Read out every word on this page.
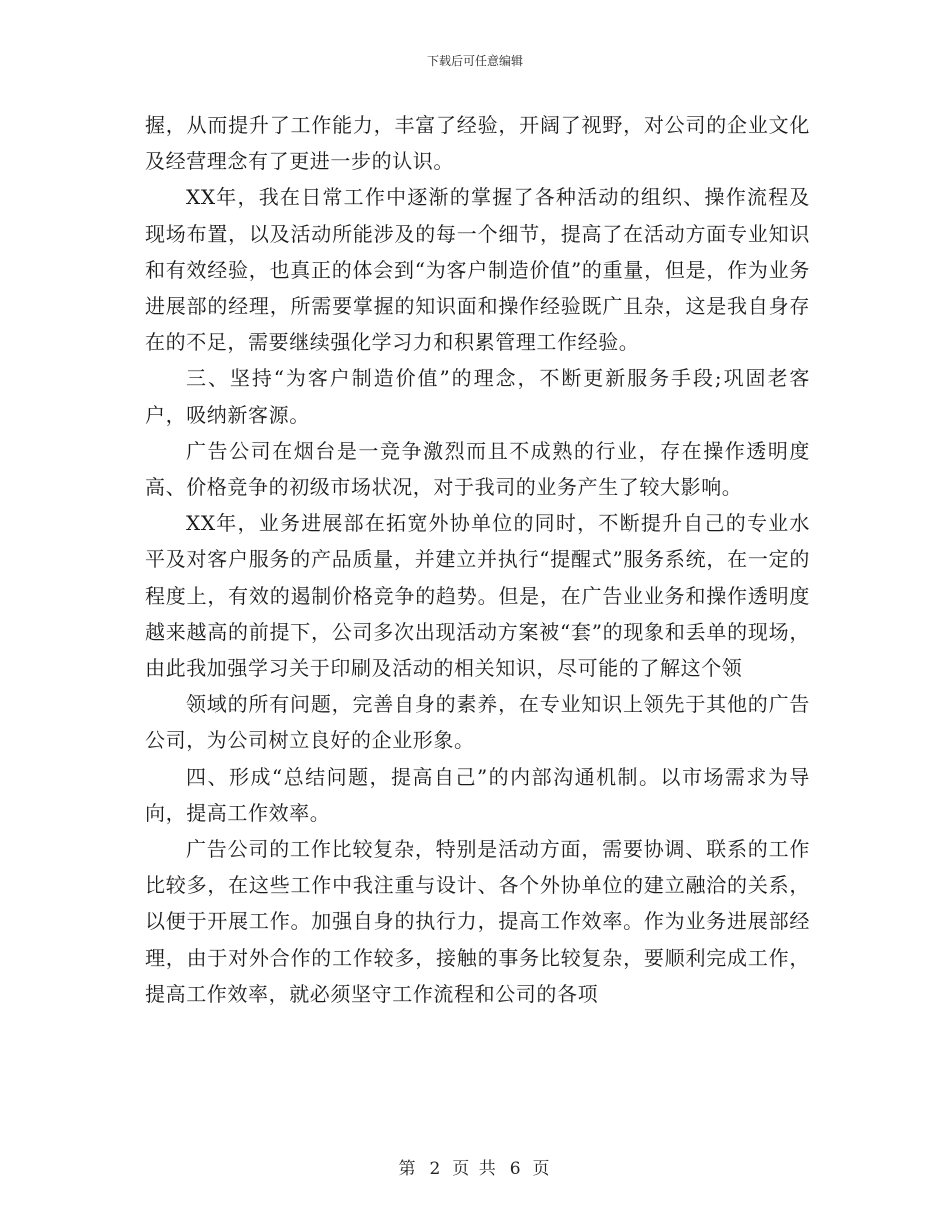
下载后可任意编辑

握，从而提升了工作能力，丰富了经验，开阔了视野，对公司的企业文化及经营理念有了更进一步的认识。

XX年，我在日常工作中逐渐的掌握了各种活动的组织、操作流程及现场布置，以及活动所能涉及的每一个细节，提高了在活动方面专业知识和有效经验，也真正的体会到“为客户制造价值”的重量，但是，作为业务进展部的经理，所需要掌握的知识面和操作经验既广且杂，这是我自身存在的不足，需要继续强化学习力和积累管理工作经验。

三、坚持“为客户制造价值”的理念，不断更新服务手段;巩固老客户，吸纳新客源。

广告公司在烟台是一竞争激烈而且不成熟的行业，存在操作透明度高、价格竞争的初级市场状况，对于我司的业务产生了较大影响。

XX年，业务进展部在拓宽外协单位的同时，不断提升自己的专业水平及对客户服务的产品质量，并建立并执行“提醒式”服务系统，在一定的程度上，有效的遏制价格竞争的趋势。但是，在广告业业务和操作透明度越来越高的前提下，公司多次出现活动方案被“套”的现象和丢单的现场，由此我加强学习关于印刷及活动的相关知识，尽可能的了解这个领

领域的所有问题，完善自身的素养，在专业知识上领先于其他的广告公司，为公司树立良好的企业形象。

四、形成“总结问题，提高自己”的内部沟通机制。以市场需求为导向，提高工作效率。

广告公司的工作比较复杂，特别是活动方面，需要协调、联系的工作比较多，在这些工作中我注重与设计、各个外协单位的建立融洽的关系，以便于开展工作。加强自身的执行力，提高工作效率。作为业务进展部经理，由于对外合作的工作较多，接触的事务比较复杂，要顺利完成工作，提高工作效率，就必须坚守工作流程和公司的各项

第 2 页 共 6 页
